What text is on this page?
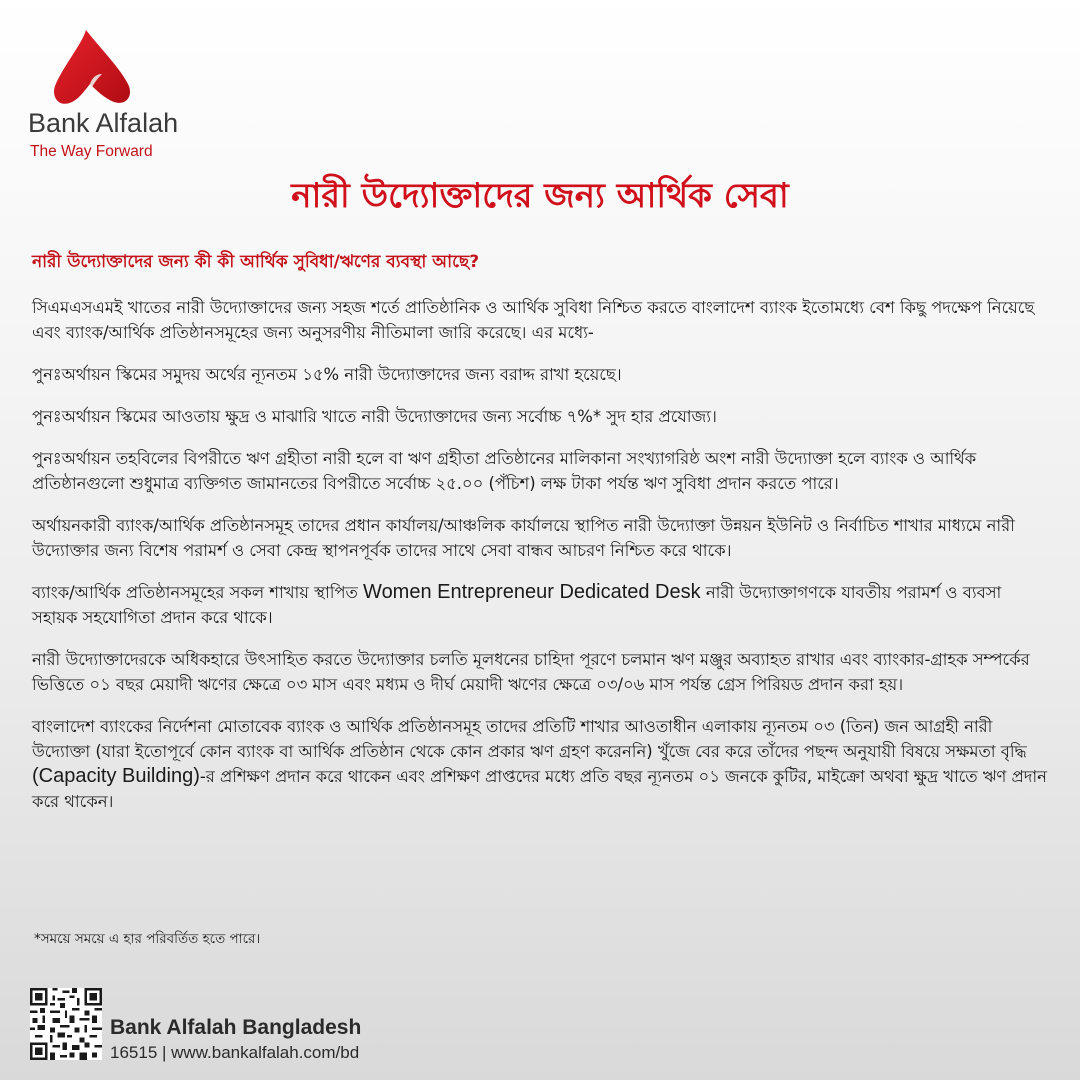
Bank Alfalah
The Way Forward
নারী উদ্যোক্তাদের জন্য আর্থিক সেবা
নারী উদ্যোক্তাদের জন্য কী কী আর্থিক সুবিধা/ঋণের ব্যবস্থা আছে?
সিএমএসএমই খাতের নারী উদ্যোক্তাদের জন্য সহজ শর্তে প্রাতিষ্ঠানিক ও আর্থিক সুবিধা নিশ্চিত করতে বাংলাদেশ ব্যাংক ইতোমধ্যে বেশ কিছু পদক্ষেপ নিয়েছে এবং ব্যাংক/আর্থিক প্রতিষ্ঠানসমূহের জন্য অনুসরণীয় নীতিমালা জারি করেছে। এর মধ্যে-
পুনঃঅর্থায়ন স্কিমের সমুদয় অর্থের ন্যূনতম ১৫% নারী উদ্যোক্তাদের জন্য বরাদ্দ রাখা হয়েছে।
পুনঃঅর্থায়ন স্কিমের আওতায় ক্ষুদ্র ও মাঝারি খাতে নারী উদ্যোক্তাদের জন্য সর্বোচ্চ ৭%* সুদ হার প্রযোজ্য।
পুনঃঅর্থায়ন তহবিলের বিপরীতে ঋণ গ্রহীতা নারী হলে বা ঋণ গ্রহীতা প্রতিষ্ঠানের মালিকানা সংখ্যাগরিষ্ঠ অংশ নারী উদ্যোক্তা হলে ব্যাংক ও আর্থিক প্রতিষ্ঠানগুলো শুধুমাত্র ব্যক্তিগত জামানতের বিপরীতে সর্বোচ্চ ২৫.০০ (পঁচিশ) লক্ষ টাকা পর্যন্ত ঋণ সুবিধা প্রদান করতে পারে।
অর্থায়নকারী ব্যাংক/আর্থিক প্রতিষ্ঠানসমূহ তাদের প্রধান কার্যালয়/আঞ্চলিক কার্যালয়ে স্থাপিত নারী উদ্যোক্তা উন্নয়ন ইউনিট ও নির্বাচিত শাখার মাধ্যমে নারী উদ্যোক্তার জন্য বিশেষ পরামর্শ ও সেবা কেন্দ্র স্থাপনপূর্বক তাদের সাথে সেবা বান্ধব আচরণ নিশ্চিত করে থাকে।
ব্যাংক/আর্থিক প্রতিষ্ঠানসমূহের সকল শাখায় স্থাপিত Women Entrepreneur Dedicated Desk নারী উদ্যোক্তাগণকে যাবতীয় পরামর্শ ও ব্যবসা সহায়ক সহযোগিতা প্রদান করে থাকে।
নারী উদ্যোক্তাদেরকে অধিকহারে উৎসাহিত করতে উদ্যোক্তার চলতি মূলধনের চাহিদা পূরণে চলমান ঋণ মঞ্জুর অব্যাহত রাখার এবং ব্যাংকার-গ্রাহক সম্পর্কের ভিত্তিতে ০১ বছর মেয়াদী ঋণের ক্ষেত্রে ০৩ মাস এবং মধ্যম ও দীর্ঘ মেয়াদী ঋণের ক্ষেত্রে ০৩/০৬ মাস পর্যন্ত গ্রেস পিরিয়ড প্রদান করা হয়।
বাংলাদেশ ব্যাংকের নির্দেশনা মোতাবেক ব্যাংক ও আর্থিক প্রতিষ্ঠানসমূহ তাদের প্রতিটি শাখার আওতাধীন এলাকায় ন্যূনতম ০৩ (তিন) জন আগ্রহী নারী উদ্যোক্তা (যারা ইতোপূর্বে কোন ব্যাংক বা আর্থিক প্রতিষ্ঠান থেকে কোন প্রকার ঋণ গ্রহণ করেননি) খুঁজে বের করে তাঁদের পছন্দ অনুযায়ী বিষয়ে সক্ষমতা বৃদ্ধি (Capacity Building)-র প্রশিক্ষণ প্রদান করে থাকেন এবং প্রশিক্ষণ প্রাপ্তদের মধ্যে প্রতি বছর ন্যূনতম ০১ জনকে কুটির, মাইক্রো অথবা ক্ষুদ্র খাতে ঋণ প্রদান করে থাকেন।
*সময়ে সময়ে এ হার পরিবর্তিত হতে পারে।
Bank Alfalah Bangladesh
16515 | www.bankalfalah.com/bd
